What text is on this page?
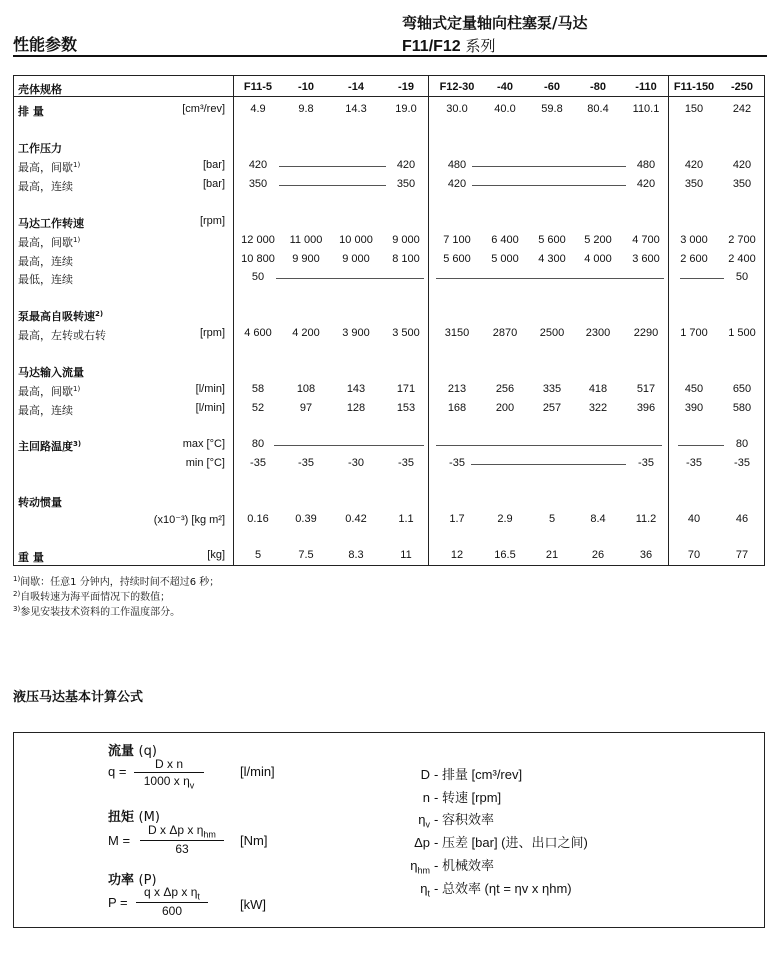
性能参数
弯轴式定量轴向柱塞泵/马达
F11/F12 系列
壳体规格	F11-5	-10	-14	-19	F12-30	-40	-60	-80	-110	F11-150	-250
排 量	[cm³/rev]	4.9	9.8	14.3	19.0	30.0	40.0	59.8	80.4	110.1	150	242
工作压力
最高，间歇$^{1)}$	[bar]	420	420	480	480	420	420
最高，连续	[bar]	350	350	420	420	350	350
马达工作转速	[rpm]
最高，间歇$^{1)}$	12 000	11 000	10 000	9 000	7 100	6 400	5 600	5 200	4 700	3 000	2 700
最高，连续	10 800	9 900	9 000	8 100	5 600	5 000	4 300	4 000	3 600	2 600	2 400
最低，连续	50	50
泵最高自吸转速$^{2)}$
最高，左转或右转	[rpm]	4 600	4 200	3 900	3 500	3150	2870	2500	2300	2290	1 700	1 500
马达输入流量
最高，间歇$^{1)}$	[l/min]	58	108	143	171	213	256	335	418	517	450	650
最高，连续	[l/min]	52	97	128	153	168	200	257	322	396	390	580
主回路温度$^{3)}$	max [°C]	80	80
min [°C]	-35	-35	-30	-35	-35	-35	-35	-35
转动惯量
(x10⁻³) [kg m²]	0.16	0.39	0.42	1.1	1.7	2.9	5	8.4	11.2	40	46
重 量	[kg]	5	7.5	8.3	11	12	16.5	21	26	36	70	77
$^{1)}$间歇：任意1 分钟内，持续时间不超过6 秒；
$^{2)}$自吸转速为海平面情况下的数值；
$^{3)}$参见安装技术资料的工作温度部分。
液压马达基本计算公式
流量 (q)
$q = \frac{\text{D x n}}{1000 x \eta_v}$	[l/min]
扭矩 (M)
M =
D x Δp x $\eta_{hm}$
63
[Nm]
功率 (P)
$P = \frac{q x \Delta p x \eta_t}{600} [kW]$
D - 排量 [cm³/rev]
n - 转速 [rpm]
$\eta_v$ - 容积效率
Δp - 压差 [bar] (进、出口之间)
$\eta_{hm}$ - 机械效率
$\eta_t$ - 总效率 (ηt = ηv x ηhm)
